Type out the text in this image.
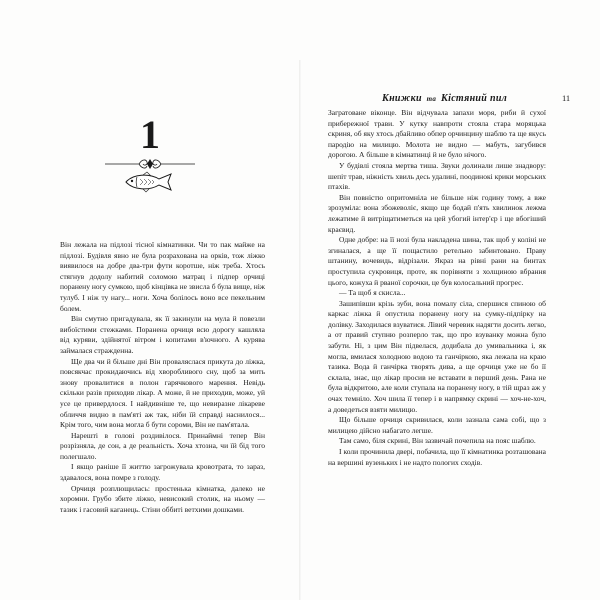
1

Він лежала на підлозі тісної кімнатинки. Чи то пак майже на підлозі. Будівля явно не була розрахована на орків, тож ліжко виявилося на добре два-три фути коротше, ніж треба. Хтось стягнув додолу набитий соломою матрац і підпер орчиці поранену ногу сумкою, щоб кінцівка не звисла б була вище, ніж тулуб. І ніж ту нагу... ноги. Хоча болілось воно все пекельним болем.

Він смутно пригадувала, як її закинули на мула й повезли вибоїстими стежками. Поранена орчиця всю дорогу кашляла від куряви, здійнятої вітром і копитами в'ючного. А курява займалася стражденна.

Ще два чи й більше дні Він проваляслася прикута до ліжка, повсякчас прокидаючись від хворобливого сну, щоб за мить знову провалитися в полон гарячкового марення. Невідь скільки разів приходив лікар. А може, й не приходив, може, уй усе це привердлося. І найдивніше те, що невиразне лікареве обличчя видно в пам'яті аж так, ніби їй справді наснилося... Крім того, чим вона могла б бути сороми, Він не пам'ятала.

Нарешті в голові роздивілося. Принаймні тепер Він розрізняла, де сон, а де реальність. Хоча хтозна, чи їй бід того полегшало.

І якщо раніше її життю загрожувала кровотрата, то зараз, здавалося, вона помре з голоду.

Орчиця розплющилась: простенька кімнатка, далеко не хоромни. Грубо збите ліжко, невисокий столик, на ньому — тазик і гасовий каганець. Стіни оббиті ветхими дошками.

Книжки та Кістяний пил	11

Загратоване віконце. Він відчувала запахи моря, риби й сухої прибережної трави. У кутку навпроти стояла стара моряцька скриня, об яку хтось дбайливо обпер орчинцину шаблю та ще якусь пародію на милицю. Молота не видно — мабуть, загубився дорогою. А більше в кімнатинці й не було нічого.

У будівлі стояла мертва тиша. Звуки долинали лише знадвору: шепіт трав, ніжність хвиль десь удалині, поодинокі крики морських птахів.

Він повністю опритомніла не більше ніж годину тому, а вже зрозуміла: вона збожеволіє, якщо ще бодай п'ять хвилинок лежма лежатиме й витріщатиметься на цей убогий інтер'єр і ще вбогіший краєвид.

Одне добре: на її нозі була накладена шина, так щоб у коліні не згиналася, а ще її пощастило ретельно забинтовано. Праву штанину, вочевидь, відрізали. Якраз на рівні рани на бинтах проступила сукровиця, проте, як порівняти з холщиною вбрання цього, кожуха й рваної сорочки, це був колосальний прогрес.

— Та щоб я скисла...

Зашипівши крізь зуби, вона помалу сіла, спершися спиною об каркас ліжка й опустила поранену ногу на сумку-підпірку на долівку. Заходилася взуватися. Лівий черевик надягти досить легко, а от правий ступню розперло так, що про взуванку можна було забути. Ні, з цим Він підвелася, додибала до умивальника і, як могла, вмилася холодною водою та ганчіркою, яка лежала на краю тазика. Вода й ганчірка творять дива, а ще орчиця уже не бо її склала, знає, що лікар просив не вставати в перший день. Рана не була відкритою, але коли ступала на поранену ногу, в тій щраз аж у очах темніло. Хоч шила її тепер і в напрямку скрині — хоч-не-хоч, а доведеться взяти милицю.

Що більше орчиця скривилася, коли зазнала сама собі, що з милицею дійсно набагато легше.

Там само, біля скрині, Він зазвичай почепила на пояс шаблю.

І коли прочинила двері, побачила, що її кімнатинка розташована на вершині вузеньких і не надто пологих сходів.
